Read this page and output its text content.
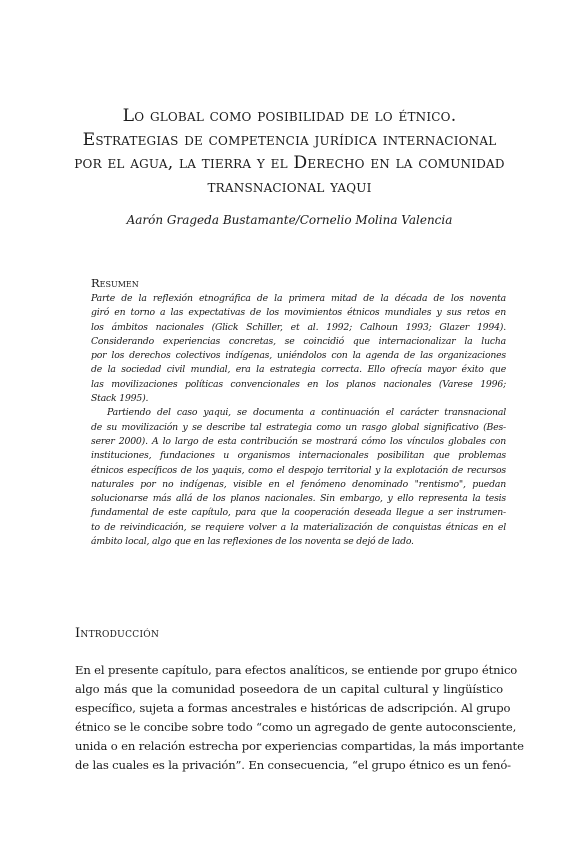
Lo global como posibilidad de lo étnico.
Estrategias de competencia jurídica internacional
por el agua, la tierra y el Derecho en la comunidad
transnacional yaqui
Aarón Grageda Bustamante/Cornelio Molina Valencia
Resumen
Parte de la reflexión etnográfica de la primera mitad de la década de los noventa
giró en torno a las expectativas de los movimientos étnicos mundiales y sus retos en
los ámbitos nacionales (Glick Schiller, et al. 1992; Calhoun 1993; Glazer 1994).
Considerando experiencias concretas, se coincidió que internacionalizar la lucha
por los derechos colectivos indígenas, uniéndolos con la agenda de las organizaciones
de la sociedad civil mundial, era la estrategia correcta. Ello ofrecía mayor éxito que
las movilizaciones políticas convencionales en los planos nacionales (Varese 1996;
Stack 1995).
Partiendo del caso yaqui, se documenta a continuación el carácter transnacional
de su movilización y se describe tal estrategia como un rasgo global significativo (Bes-
serer 2000). A lo largo de esta contribución se mostrará cómo los vínculos globales con
instituciones, fundaciones u organismos internacionales posibilitan que problemas
étnicos específicos de los yaquis, como el despojo territorial y la explotación de recursos
naturales por no indígenas, visible en el fenómeno denominado "rentismo", puedan
solucionarse más allá de los planos nacionales. Sin embargo, y ello representa la tesis
fundamental de este capítulo, para que la cooperación deseada llegue a ser instrumen-
to de reivindicación, se requiere volver a la materialización de conquistas étnicas en el
ámbito local, algo que en las reflexiones de los noventa se dejó de lado.
Introducción
En el presente capítulo, para efectos analíticos, se entiende por grupo étnico
algo más que la comunidad poseedora de un capital cultural y lingüístico
específico, sujeta a formas ancestrales e históricas de adscripción. Al grupo
étnico se le concibe sobre todo “como un agregado de gente autoconsciente,
unida o en relación estrecha por experiencias compartidas, la más importante
de las cuales es la privación”. En consecuencia, “el grupo étnico es un fenó-
